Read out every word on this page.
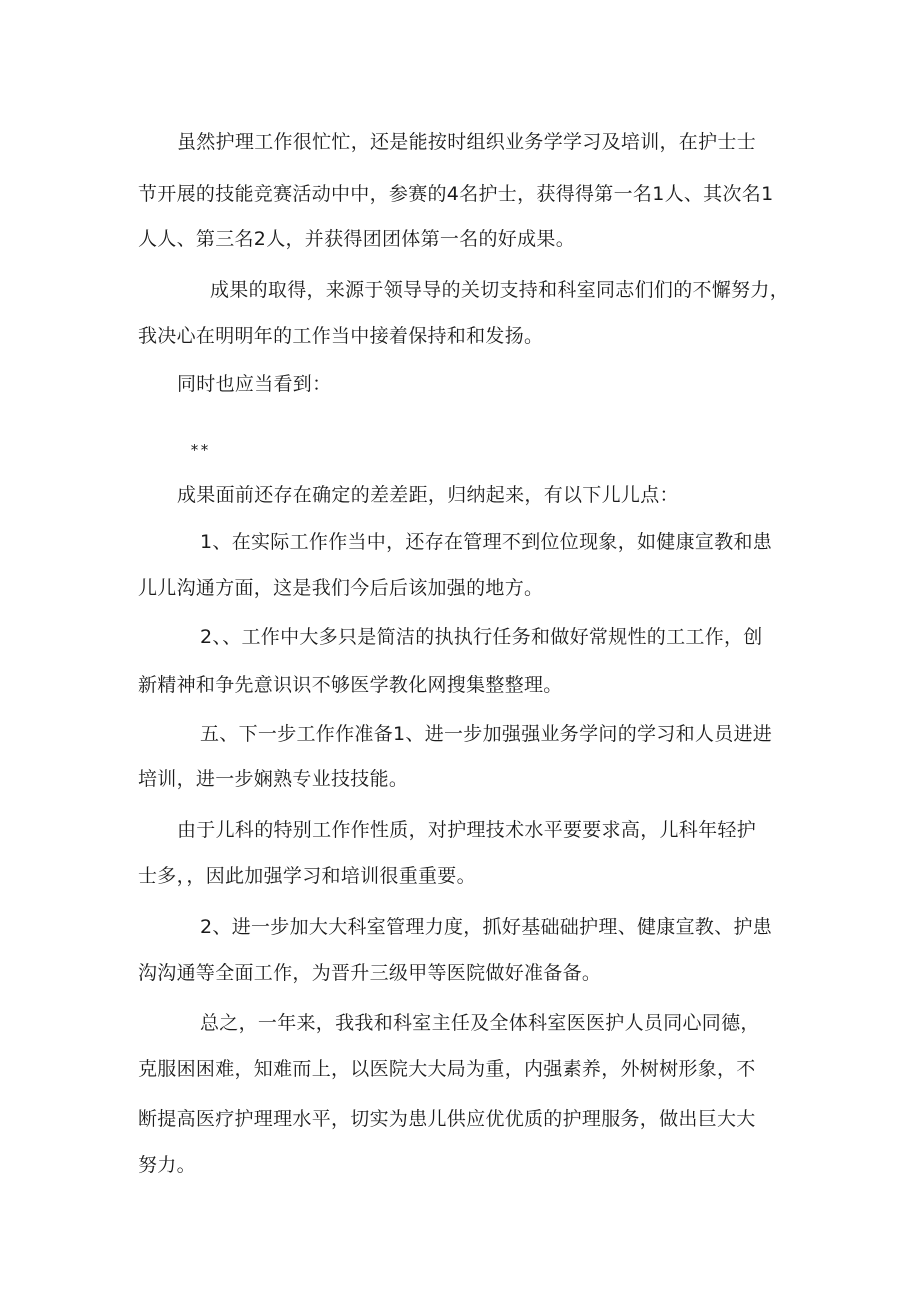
虽然护理工作很忙忙，还是能按时组织业务学学习及培训，在护士士
节开展的技能竞赛活动中中，参赛的4名护士，获得得第一名1人、其次名1
人人、第三名2人，并获得团团体第一名的好成果。
成果的取得，来源于领导导的关切支持和科室同志们们的不懈努力，
我决心在明明年的工作当中接着保持和和发扬。
同时也应当看到：
**
成果面前还存在确定的差差距，归纳起来，有以下儿儿点：
1、在实际工作作当中，还存在管理不到位位现象，如健康宣教和患
儿儿沟通方面，这是我们今后后该加强的地方。
2、、工作中大多只是简洁的执执行任务和做好常规性的工工作，创
新精神和争先意识识不够医学教化网搜集整整理。
五、下一步工作作准备1、进一步加强强业务学问的学习和人员进进
培训，进一步娴熟专业技技能。
由于儿科的特别工作作性质，对护理技术水平要要求高，儿科年轻护
士多，，因此加强学习和培训很重重要。
2、进一步加大大科室管理力度，抓好基础础护理、健康宣教、护患
沟沟通等全面工作，为晋升三级甲等医院做好准备备。
总之，一年来，我我和科室主任及全体科室医医护人员同心同德，
克服困困难，知难而上，以医院大大局为重，内强素养，外树树形象，不
断提高医疗护理理水平，切实为患儿供应优优质的护理服务，做出巨大大
努力。
